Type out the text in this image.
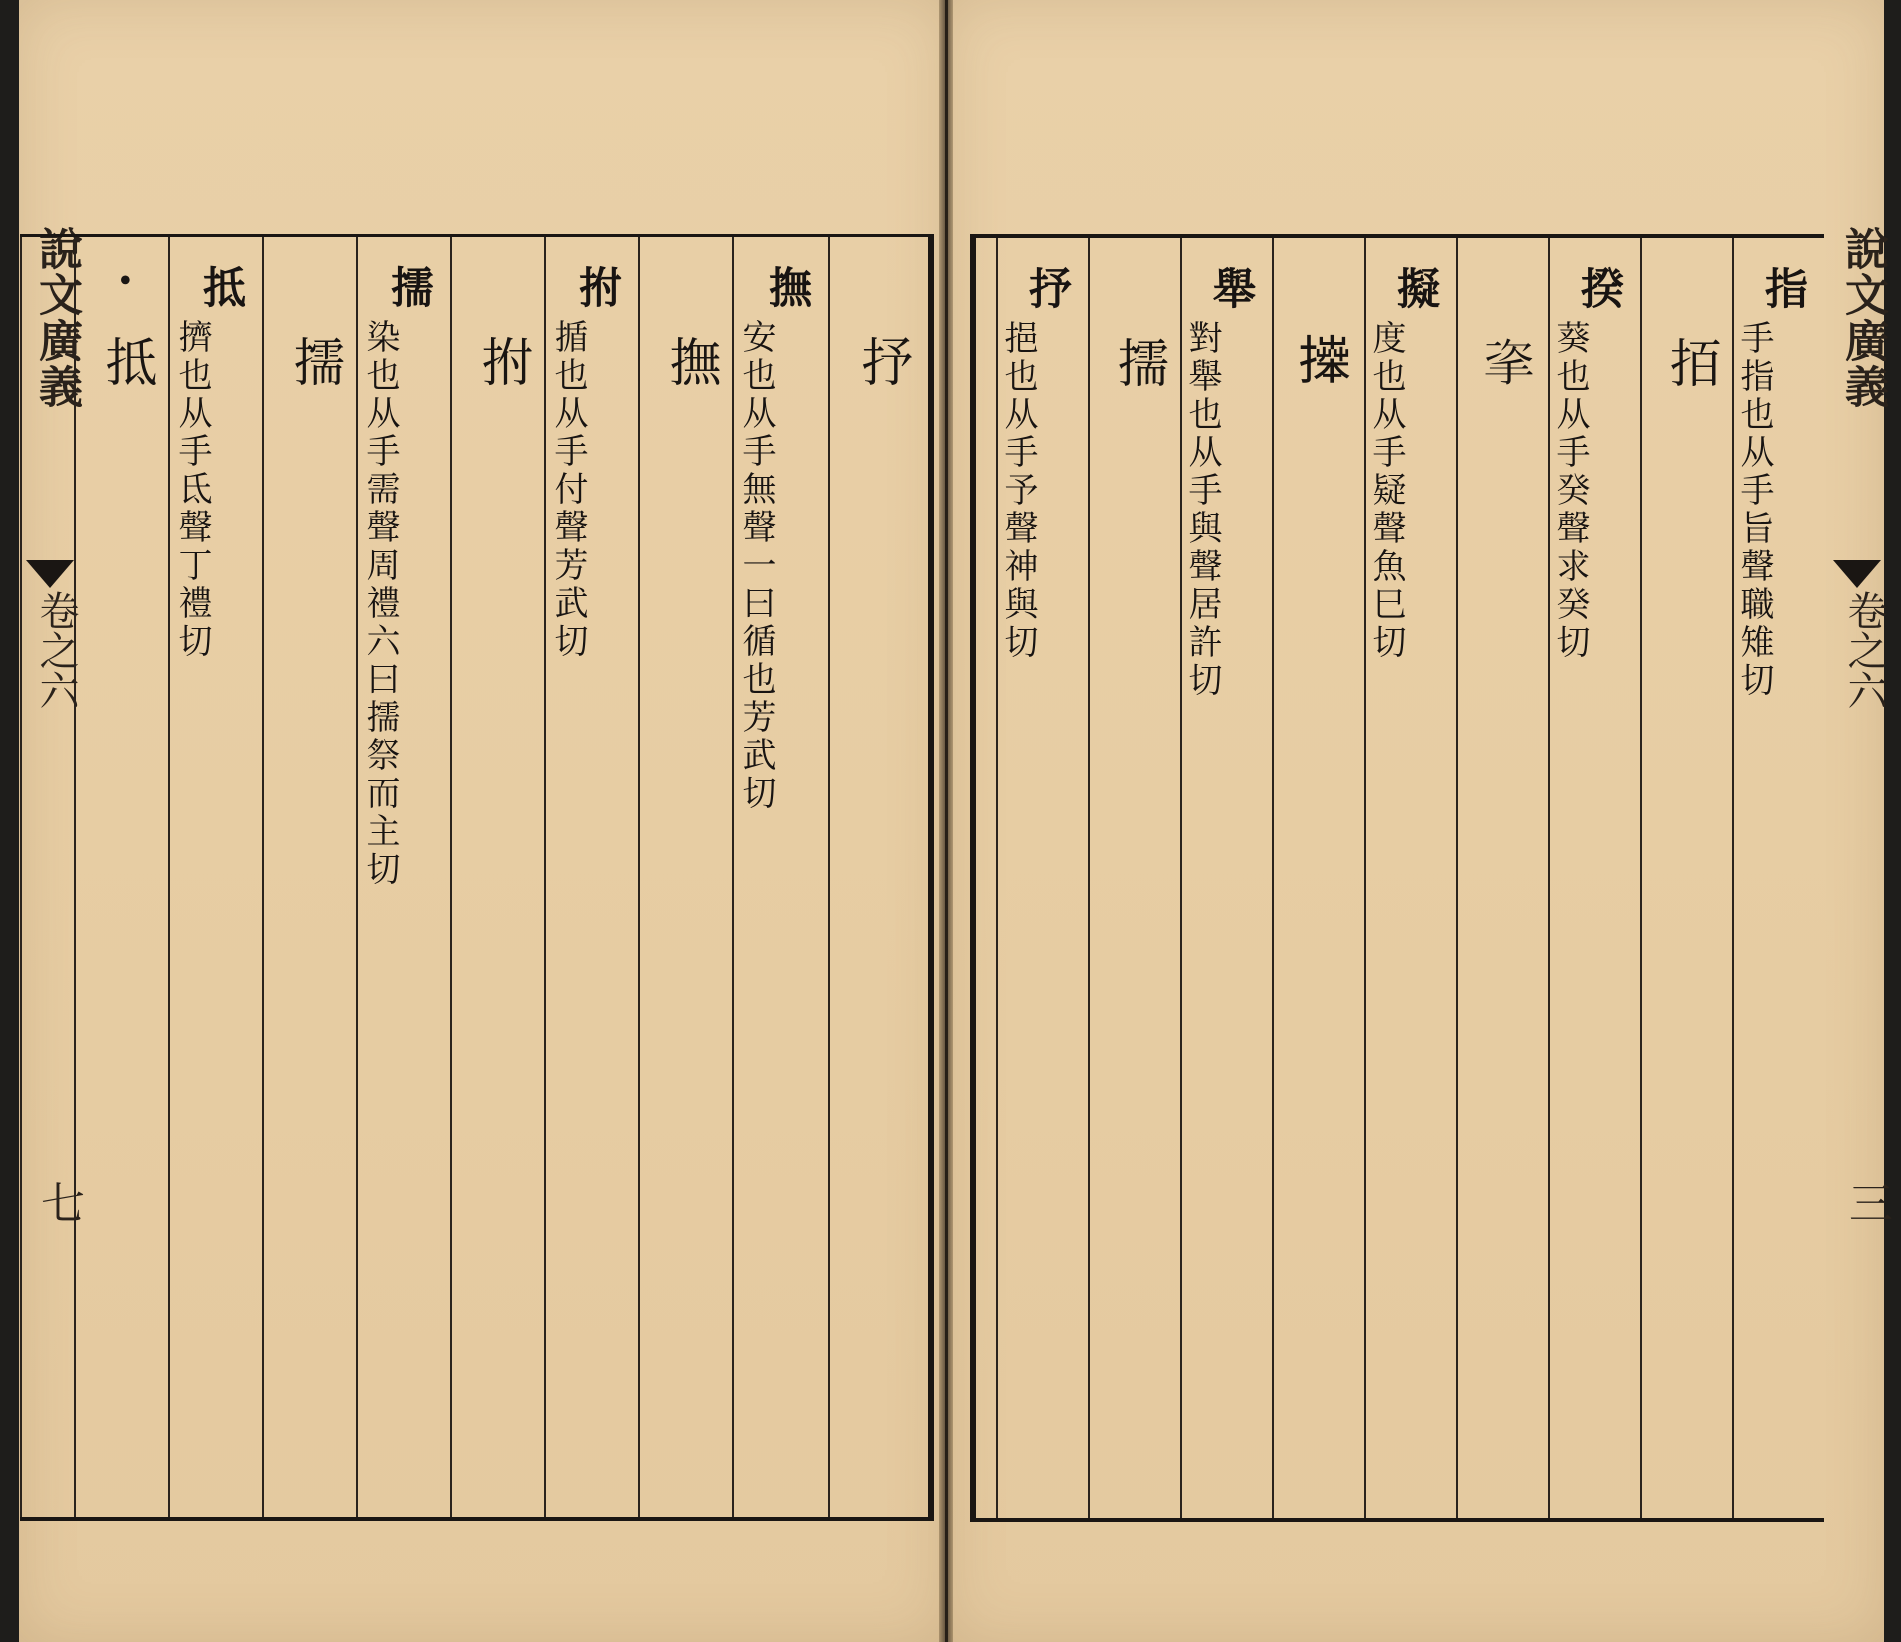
說文廣義
卷之六
七
說文廣義
卷之六
三
抒
撫
安也从手無聲一曰循也芳武切
撫
拊
揗也从手付聲芳武切
拊
擩
染也从手需聲周禮六曰擩祭而主切
擩
抵
擠也从手氐聲丁禮切
•
抵
指
手指也从手旨聲職雉切
𢫦
揆
葵也从手癸聲求癸切
𢫴
擬
度也从手疑聲魚巳切
𢷎
舉
對舉也从手與聲居許切
擩
抒
挹也从手予聲神與切
